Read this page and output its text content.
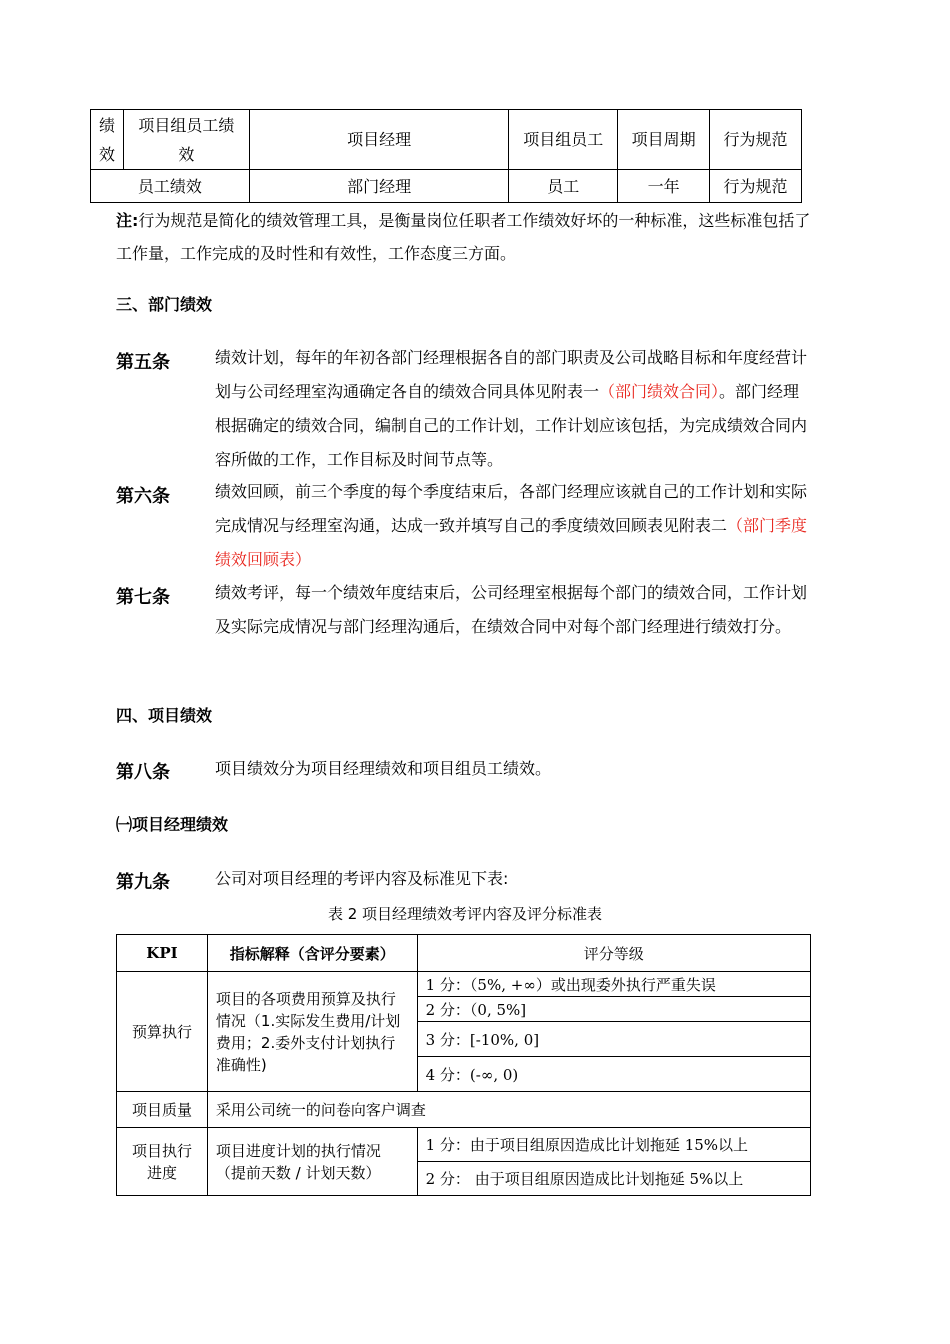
绩效	项目组员工绩效	项目经理	项目组员工	项目周期	行为规范
员工绩效		部门经理	员工	一年	行为规范
注:行为规范是简化的绩效管理工具，是衡量岗位任职者工作绩效好坏的一种标准，这些标准包括了工作量，工作完成的及时性和有效性，工作态度三方面。
三、部门绩效
第五条	绩效计划，每年的年初各部门经理根据各自的部门职责及公司战略目标和年度经营计划与公司经理室沟通确定各自的绩效合同具体见附表一（部门绩效合同）。部门经理根据确定的绩效合同，编制自己的工作计划，工作计划应该包括，为完成绩效合同内容所做的工作，工作目标及时间节点等。
第六条	绩效回顾，前三个季度的每个季度结束后，各部门经理应该就自己的工作计划和实际完成情况与经理室沟通，达成一致并填写自己的季度绩效回顾表见附表二（部门季度绩效回顾表）
第七条	绩效考评，每一个绩效年度结束后，公司经理室根据每个部门的绩效合同，工作计划及实际完成情况与部门经理沟通后，在绩效合同中对每个部门经理进行绩效打分。
四、项目绩效
第八条	项目绩效分为项目经理绩效和项目组员工绩效。
㈠项目经理绩效
第九条	公司对项目经理的考评内容及标准见下表:
表 2 项目经理绩效考评内容及评分标准表
KPI	指标解释（含评分要素）	评分等级
预算执行	项目的各项费用预算及执行情况（1.实际发生费用/计划费用；2.委外支付计划执行准确性)	1 分：（5%, +∞）或出现委外执行严重失误
		2 分：（0, 5%]
		3 分：[-10%, 0]
		4 分：(-∞, 0)
项目质量	采用公司统一的问卷向客户调查	
项目执行进度	项目进度计划的执行情况（提前天数 / 计划天数）	1 分：由于项目组原因造成比计划拖延 15%以上
		2 分： 由于项目组原因造成比计划拖延 5%以上
